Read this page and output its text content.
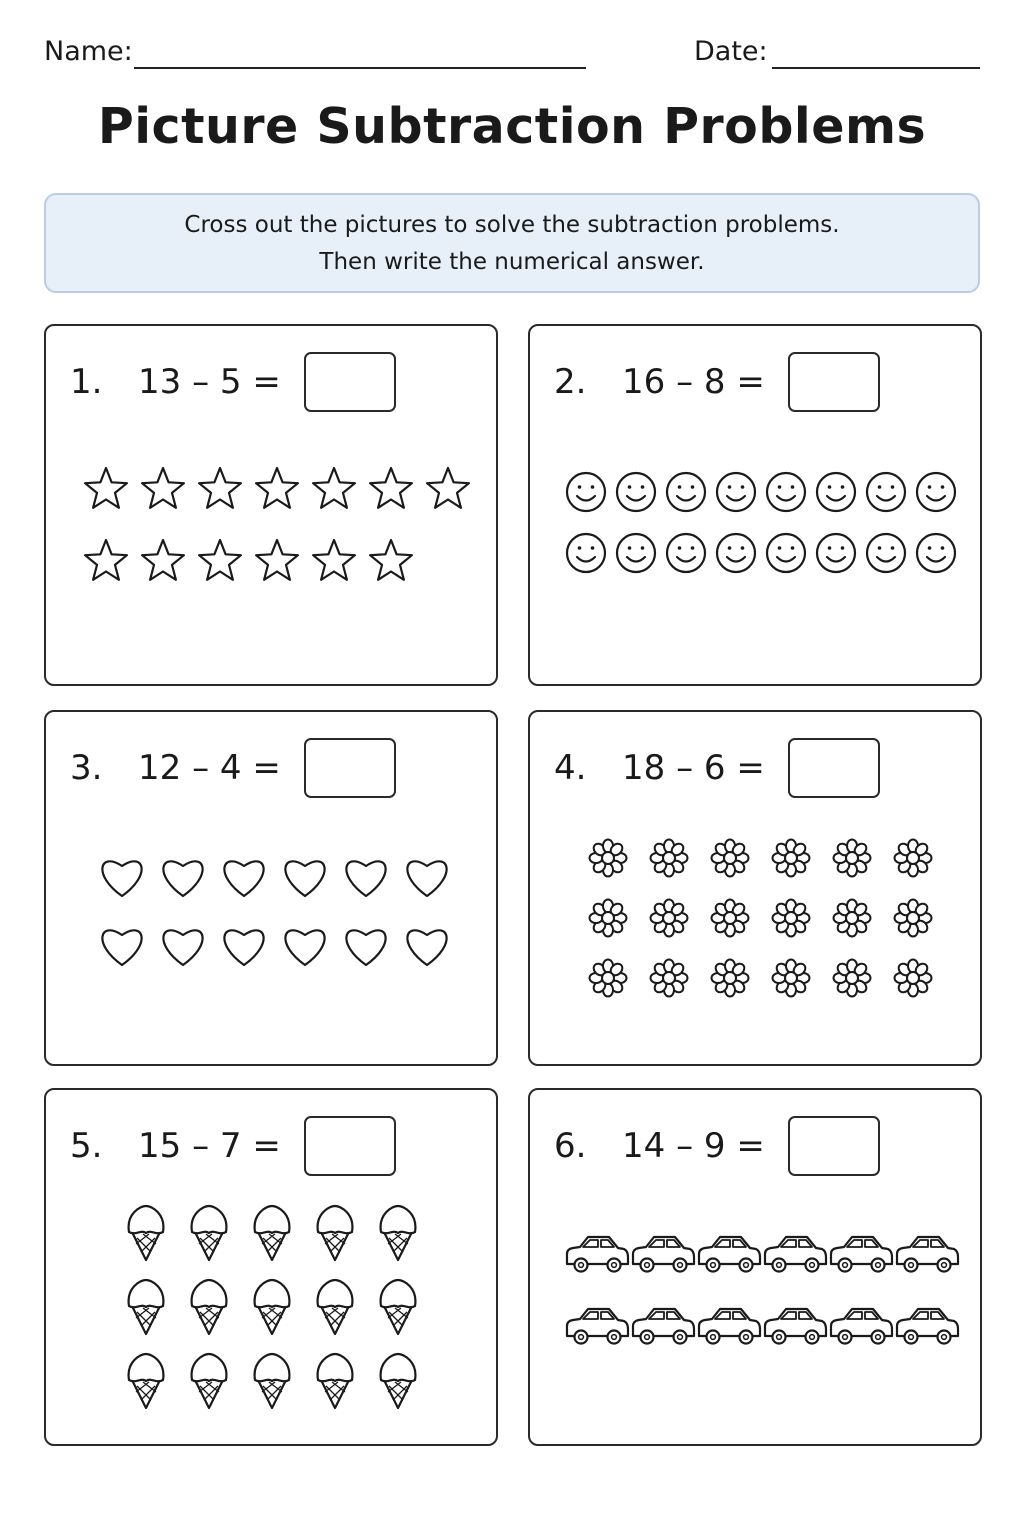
Name:	Date:
Picture Subtraction Problems
Cross out the pictures to solve the subtraction problems.
Then write the numerical answer.
1. 13 – 5 =	2. 16 – 8 =
3. 12 – 4 =	4. 18 – 6 =
5. 15 – 7 =	6. 14 – 9 =
